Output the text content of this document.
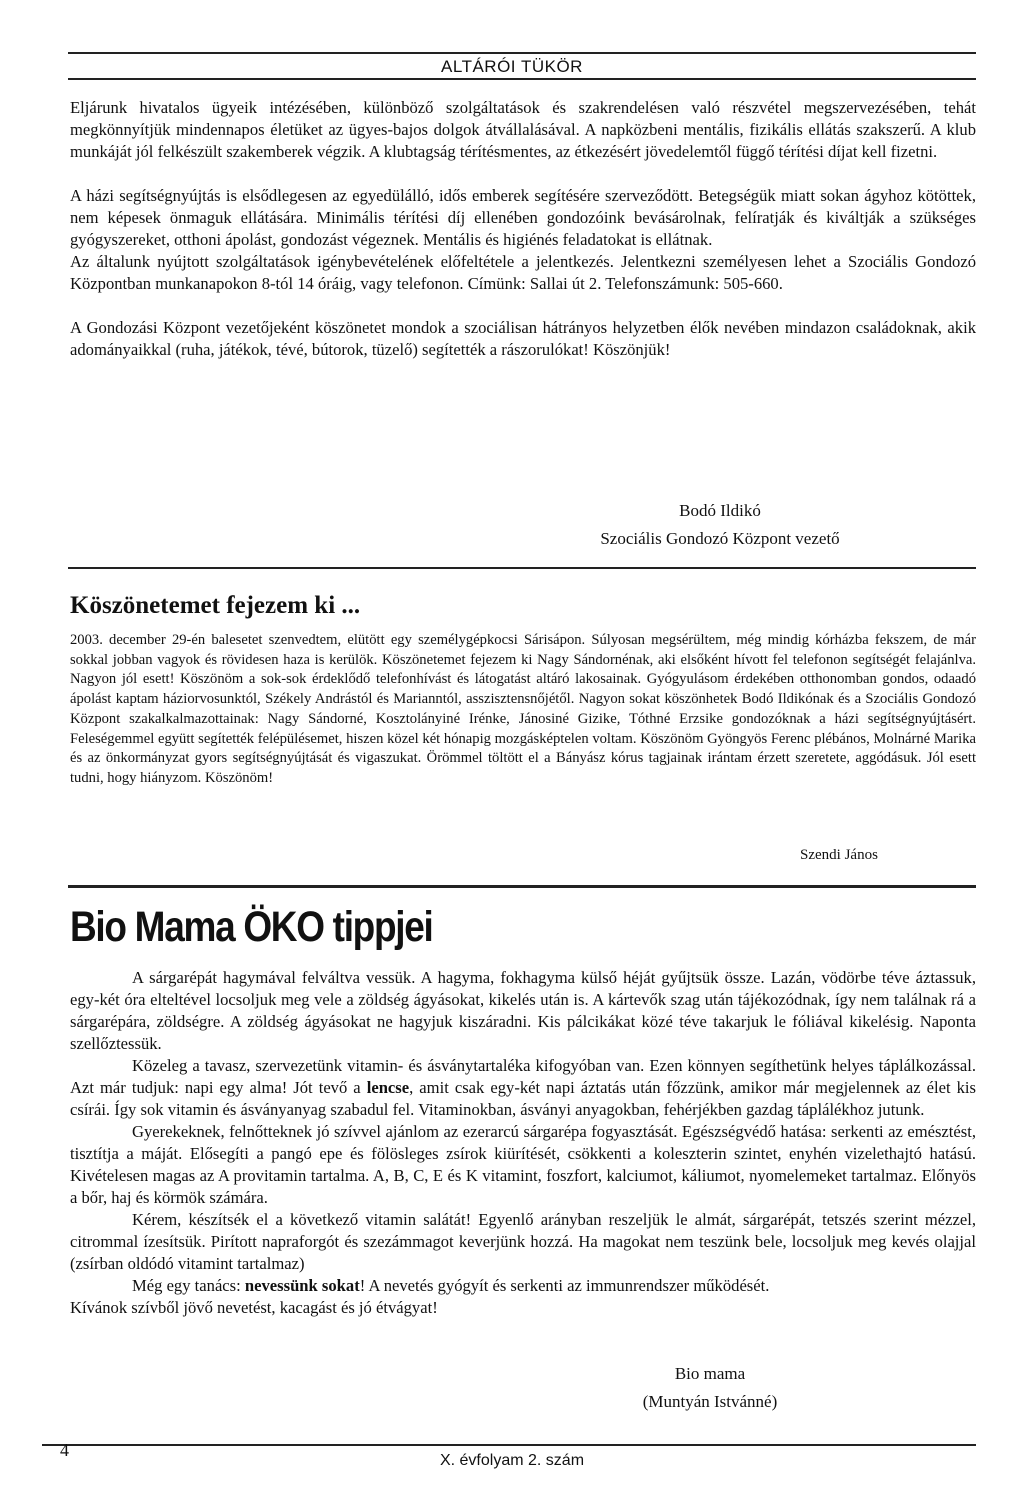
ALTÁRÓI TÜKÖR

Eljárunk hivatalos ügyeik intézésében, különböző szolgáltatások és szakrendelésen való részvétel megszervezésében, tehát megkönnyítjük mindennapos életüket az ügyes-bajos dolgok átvállalásával. A napközbeni mentális, fizikális ellátás szakszerű. A klub munkáját jól felkészült szakemberek végzik. A klubtagság térítésmentes, az étkezésért jövedelemtől függő térítési díjat kell fizetni.

A házi segítségnyújtás is elsődlegesen az egyedülálló, idős emberek segítésére szerveződött. Betegségük miatt sokan ágyhoz kötöttek, nem képesek önmaguk ellátására. Minimális térítési díj ellenében gondozóink bevásárolnak, felíratják és kiváltják a szükséges gyógyszereket, otthoni ápolást, gondozást végeznek. Mentális és higiénés feladatokat is ellátnak.

Az általunk nyújtott szolgáltatások igénybevételének előfeltétele a jelentkezés. Jelentkezni személyesen lehet a Szociális Gondozó Központban munkanapokon 8-tól 14 óráig, vagy telefonon. Címünk: Sallai út 2. Telefonszámunk: 505-660.

A Gondozási Központ vezetőjeként köszönetet mondok a szociálisan hátrányos helyzetben élők nevében mindazon családoknak, akik adományaikkal (ruha, játékok, tévé, bútorok, tüzelő) segítették a rászorulókat! Köszönjük!

Bodó Ildikó
Szociális Gondozó Központ vezető
Köszönetemet fejezem ki ...
2003. december 29-én balesetet szenvedtem, elütött egy személygépkocsi Sárisápon. Súlyosan megsérültem, még mindig kórházba fekszem, de már sokkal jobban vagyok és rövidesen haza is kerülök. Köszönetemet fejezem ki Nagy Sándornénak, aki elsőként hívott fel telefonon segítségét felajánlva. Nagyon jól esett! Köszönöm a sok-sok érdeklődő telefonhívást és látogatást altáró lakosainak. Gyógyulásom érdekében otthonomban gondos, odaadó ápolást kaptam háziorvosunktól, Székely Andrástól és Marianntól, asszisztensnőjétől. Nagyon sokat köszönhetek Bodó Ildikónak és a Szociális Gondozó Központ szakalkalmazottainak: Nagy Sándorné, Kosztolányiné Irénke, Jánosiné Gizike, Tóthné Erzsike gondozóknak a házi segítségnyújtásért. Feleségemmel együtt segítették felépülésemet, hiszen közel két hónapig mozgásképtelen voltam. Köszönöm Gyöngyös Ferenc plébános, Molnárné Marika és az önkormányzat gyors segítségnyújtását és vigaszukat. Örömmel töltött el a Bányász kórus tagjainak irántam érzett szeretete, aggódásuk. Jól esett tudni, hogy hiányzom. Köszönöm!
Szendi János
Bio Mama ÖKO tippjei

A sárgarépát hagymával felváltva vessük. A hagyma, fokhagyma külső héját gyűjtsük össze. Lazán, vödörbe téve áztassuk, egy-két óra elteltével locsoljuk meg vele a zöldség ágyásokat, kikelés után is. A kártevők szag után tájékozódnak, így nem találnak rá a sárgarépára, zöldségre. A zöldség ágyásokat ne hagyjuk kiszáradni. Kis pálcikákat közé téve takarjuk le fóliával kikelésig. Naponta szellőztessük.

Közeleg a tavasz, szervezetünk vitamin- és ásványtartaléka kifogyóban van. Ezen könnyen segíthetünk helyes táplálkozással. Azt már tudjuk: napi egy alma! Jót tevő a lencse, amit csak egy-két napi áztatás után főzzünk, amikor már megjelennek az élet kis csírái. Így sok vitamin és ásványanyag szabadul fel. Vitaminokban, ásványi anyagokban, fehérjékben gazdag táplálékhoz jutunk.

Gyerekeknek, felnőtteknek jó szívvel ajánlom az ezerarcú sárgarépa fogyasztását. Egészségvédő hatása: serkenti az emésztést, tisztítja a máját. Elősegíti a pangó epe és fölösleges zsírok kiürítését, csökkenti a koleszterin szintet, enyhén vizelethajtó hatású. Kivételesen magas az A provitamin tartalma. A, B, C, E és K vitamint, foszfort, kalciumot, káliumot, nyomelemeket tartalmaz. Előnyös a bőr, haj és körmök számára.

Kérem, készítsék el a következő vitamin salátát! Egyenlő arányban reszeljük le almát, sárgarépát, tetszés szerint mézzel, citrommal ízesítsük. Pirított napraforgót és szezámmagot keverjünk hozzá. Ha magokat nem teszünk bele, locsoljuk meg kevés olajjal (zsírban oldódó vitamint tartalmaz)

Még egy tanács: nevessünk sokat! A nevetés gyógyít és serkenti az immunrendszer működését.

Kívánok szívből jövő nevetést, kacagást és jó étvágyat!

Bio mama
(Muntyán Istvánné)
4
X. évfolyam 2. szám
